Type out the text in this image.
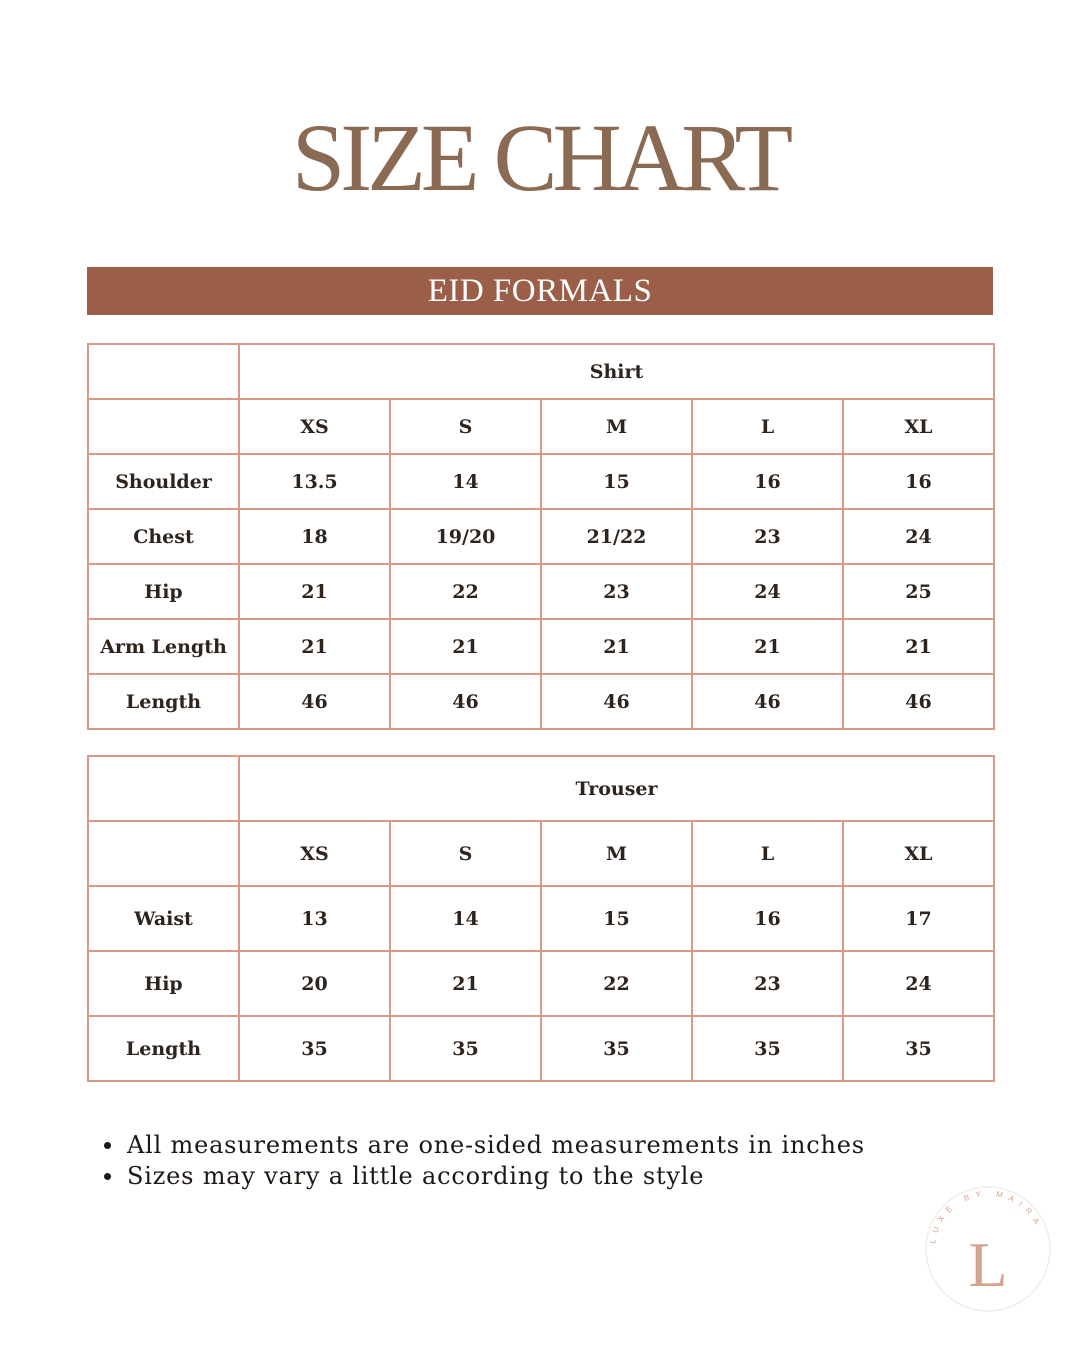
SIZE CHART
EID FORMALS
	Shirt				
	XS	S	M	L	XL
Shoulder	13.5	14	15	16	16
Chest	18	19/20	21/22	23	24
Hip	21	22	23	24	25
Arm Length	21	21	21	21	21
Length	46	46	46	46	46
	Trouser				
	XS	S	M	L	XL
Waist	13	14	15	16	17
Hip	20	21	22	23	24
Length	35	35	35	35	35
All measurements are one-sided measurements in inches
Sizes may vary a little according to the style
LUXE BY MAIRA
L
